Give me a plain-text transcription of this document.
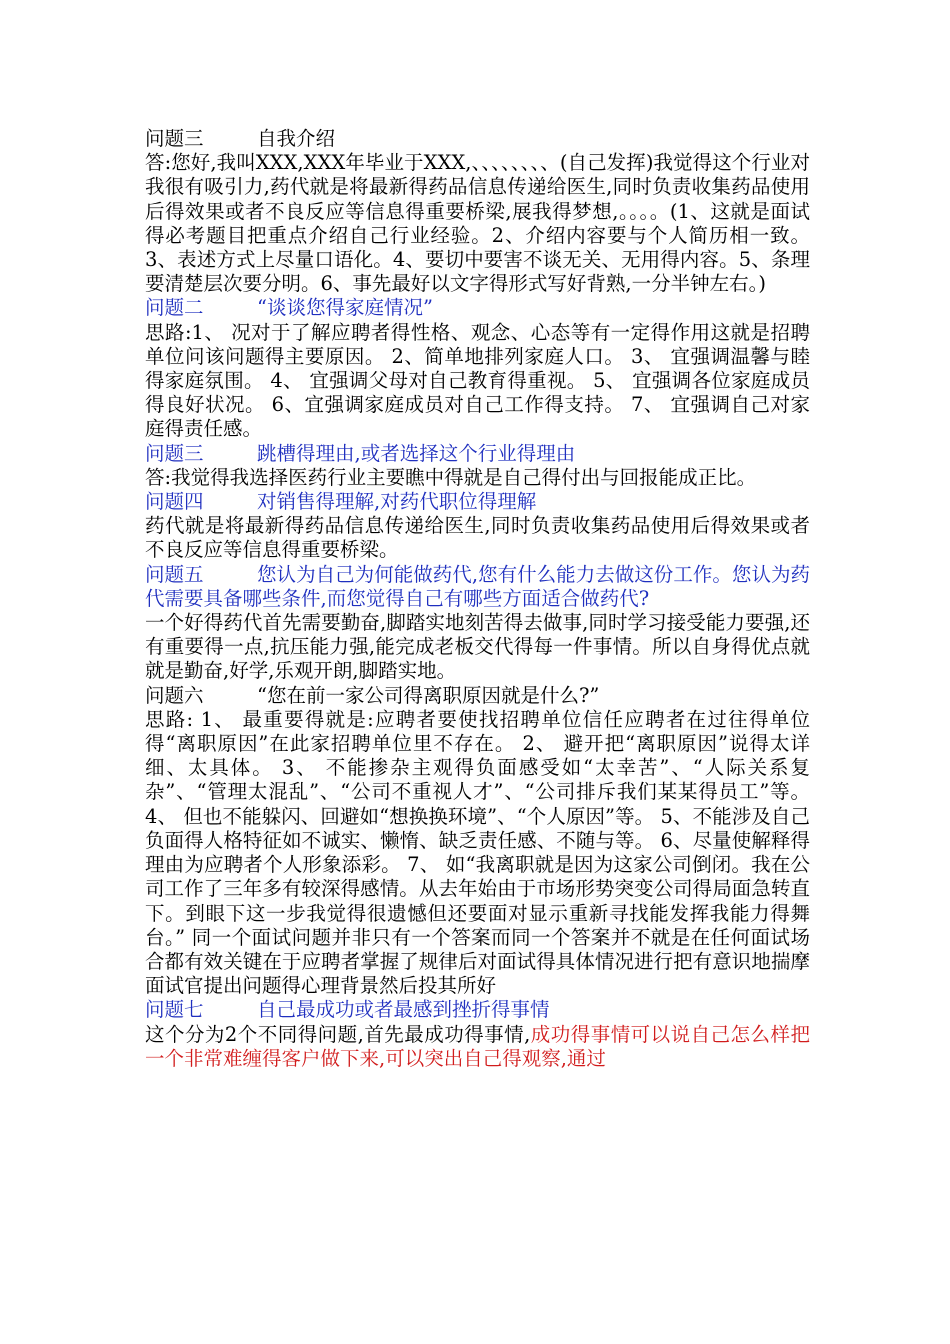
问题三	自我介绍

答:您好,我叫XXX,XXX年毕业于XXX,、、、、、、、、(自己发挥)我觉得这个行业对我很有吸引力,药代就是将最新得药品信息传递给医生,同时负责收集药品使用后得效果或者不良反应等信息得重要桥梁,展我得梦想,。。。。(1、这就是面试得必考题目把重点介绍自己行业经验。2、介绍内容要与个人简历相一致。3、表述方式上尽量口语化。4、要切中要害不谈无关、无用得内容。5、条理要清楚层次要分明。6、事先最好以文字得形式写好背熟,一分半钟左右。)

问题二	“谈谈您得家庭情况”

思路:1、 况对于了解应聘者得性格、观念、心态等有一定得作用这就是招聘单位问该问题得主要原因。 2、简单地排列家庭人口。 3、 宜强调温馨与睦得家庭氛围。 4、 宜强调父母对自己教育得重视。 5、 宜强调各位家庭成员得良好状况。 6、宜强调家庭成员对自己工作得支持。 7、 宜强调自己对家庭得责任感。

问题三	跳槽得理由,或者选择这个行业得理由

答:我觉得我选择医药行业主要瞧中得就是自己得付出与回报能成正比。

问题四	对销售得理解,对药代职位得理解

药代就是将最新得药品信息传递给医生,同时负责收集药品使用后得效果或者不良反应等信息得重要桥梁。

问题五	您认为自己为何能做药代,您有什么能力去做这份工作。您认为药代需要具备哪些条件,而您觉得自己有哪些方面适合做药代?

一个好得药代首先需要勤奋,脚踏实地刻苦得去做事,同时学习接受能力要强,还有重要得一点,抗压能力强,能完成老板交代得每一件事情。所以自身得优点就就是勤奋,好学,乐观开朗,脚踏实地。

问题六	“您在前一家公司得离职原因就是什么?”

思路: 1、 最重要得就是:应聘者要使找招聘单位信任应聘者在过往得单位得“离职原因”在此家招聘单位里不存在。 2、 避开把“离职原因”说得太详细、太具体。 3、 不能掺杂主观得负面感受如“太幸苦”、“人际关系复杂”、“管理太混乱”、“公司不重视人才”、“公司排斥我们某某得员工”等。 4、 但也不能躲闪、回避如“想换换环境”、“个人原因”等。 5、不能涉及自己负面得人格特征如不诚实、懒惰、缺乏责任感、不随与等。 6、尽量使解释得理由为应聘者个人形象添彩。 7、 如“我离职就是因为这家公司倒闭。我在公司工作了三年多有较深得感情。从去年始由于市场形势突变公司得局面急转直下。到眼下这一步我觉得很遗憾但还要面对显示重新寻找能发挥我能力得舞台。” 同一个面试问题并非只有一个答案而同一个答案并不就是在任何面试场合都有效关键在于应聘者掌握了规律后对面试得具体情况进行把有意识地揣摩面试官提出问题得心理背景然后投其所好

问题七	自己最成功或者最感到挫折得事情

这个分为2个不同得问题,首先最成功得事情,成功得事情可以说自己怎么样把一个非常难缠得客户做下来,可以突出自己得观察,通过
